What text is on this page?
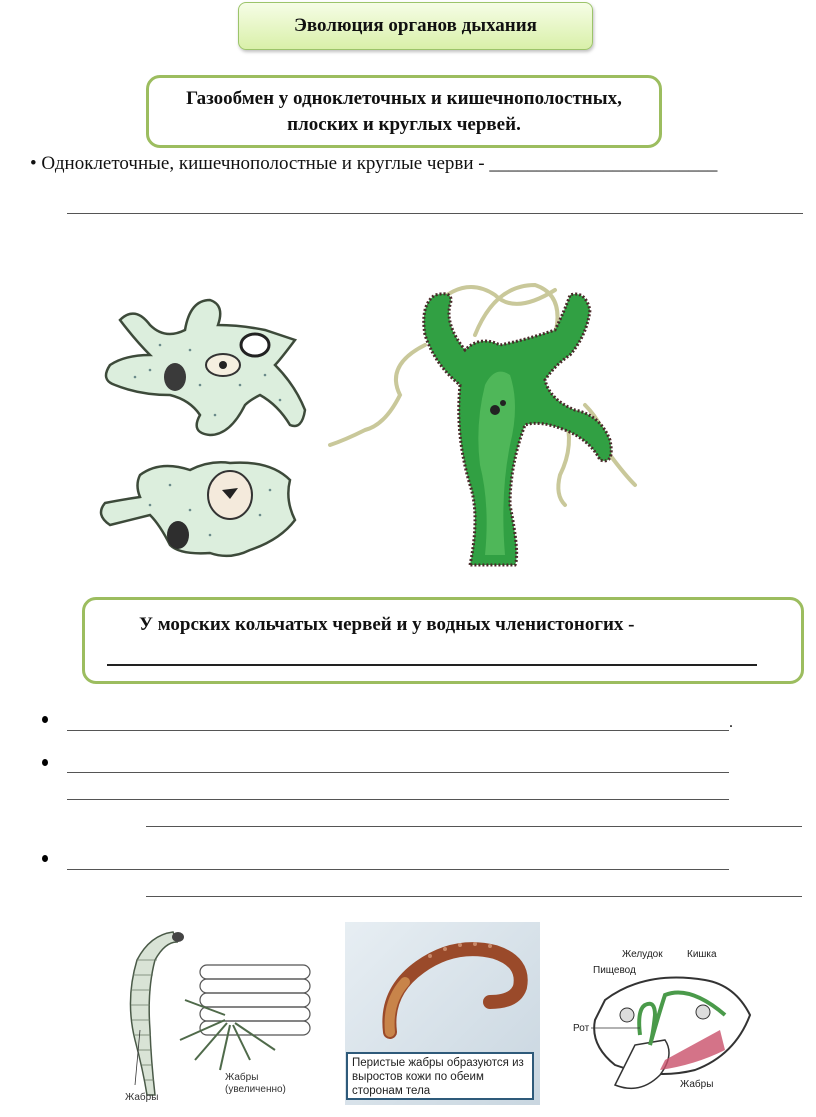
Эволюция органов дыхания
Газообмен у одноклеточных и кишечнополостных,
плоских и круглых червей.
• Одноклеточные, кишечнополостные и круглые черви - ________________________
У морских кольчатых червей и у водных членистоногих -
.
Жабры
(увеличенно)
Жабры
Перистые жабры образуются из выростов кожи по обеим сторонам тела
Желудок Кишка
Пищевод
Рот
Жабры
